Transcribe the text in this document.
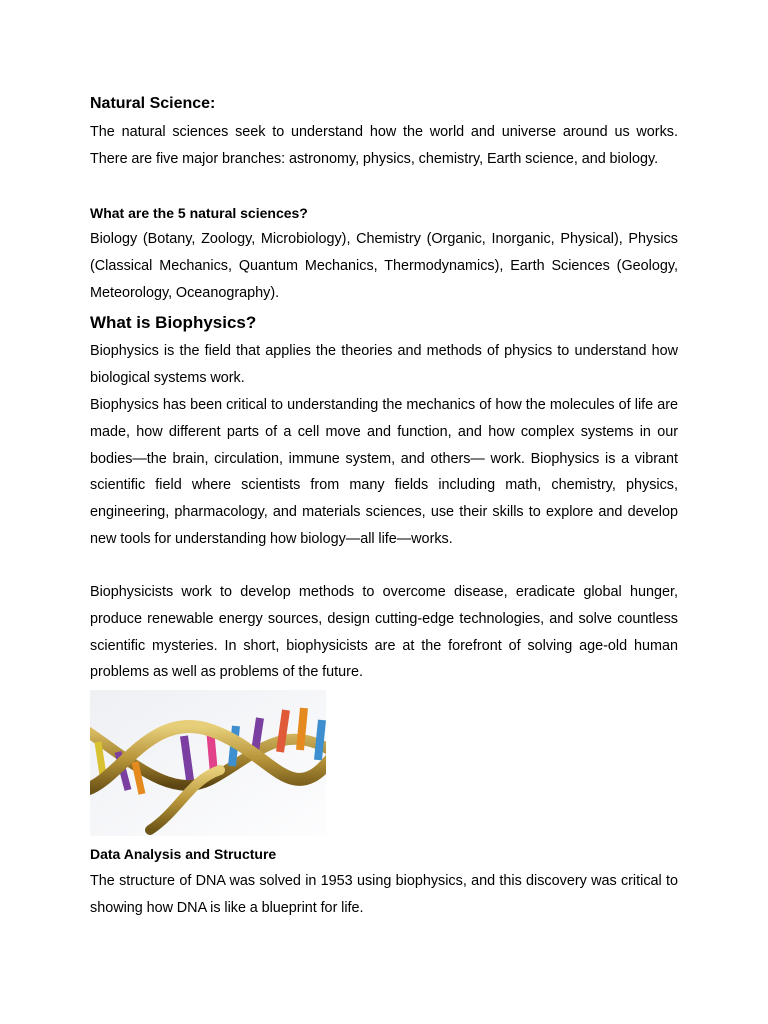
Natural Science:
The natural sciences seek to understand how the world and universe around us works. There are five major branches: astronomy, physics, chemistry, Earth science, and biology.
What are the 5 natural sciences?
Biology (Botany, Zoology, Microbiology), Chemistry (Organic, Inorganic, Physical), Physics (Classical Mechanics, Quantum Mechanics, Thermodynamics), Earth Sciences (Geology, Meteorology, Oceanography).
What is Biophysics?
Biophysics is the field that applies the theories and methods of physics to understand how biological systems work.
Biophysics has been critical to understanding the mechanics of how the molecules of life are made, how different parts of a cell move and function, and how complex systems in our bodies—the brain, circulation, immune system, and others— work. Biophysics is a vibrant scientific field where scientists from many fields including math, chemistry, physics, engineering, pharmacology, and materials sciences, use their skills to explore and develop new tools for understanding how biology—all life—works.
Biophysicists work to develop methods to overcome disease, eradicate global hunger, produce renewable energy sources, design cutting-edge technologies, and solve countless scientific mysteries. In short, biophysicists are at the forefront of solving age-old human problems as well as problems of the future.
Data Analysis and Structure
The structure of DNA was solved in 1953 using biophysics, and this discovery was critical to showing how DNA is like a blueprint for life.
